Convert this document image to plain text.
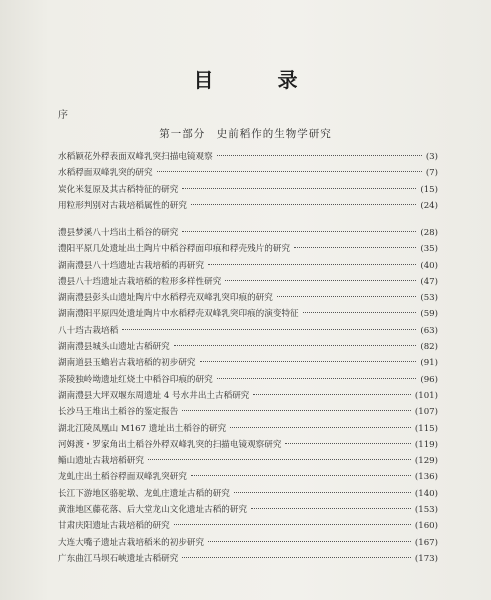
目　录
序
第一部分　史前稻作的生物学研究
水稻颖花外稃表面双峰乳突扫描电镜观察	(3)
水稻稃面双峰乳突的研究	(7)
炭化米复原及其古稻特征的研究	(15)
用粒形判别对古栽培稻属性的研究	(24)
澧县梦溪八十垱出土稻谷的研究	(28)
澧阳平原几处遗址出土陶片中稻谷稃面印痕和稃壳残片的研究	(35)
湖南澧县八十垱遗址古栽培稻的再研究	(40)
澧县八十垱遗址古栽培稻的粒形多样性研究	(47)
湖南澧县彭头山遗址陶片中水稻稃壳双峰乳突印痕的研究	(53)
湖南澧阳平原四处遗址陶片中水稻稃壳双峰乳突印痕的演变特征	(59)
八十垱古栽培稻	(63)
湖南澧县城头山遗址古稻研究	(82)
湖南道县玉蟾岩古栽培稻的初步研究	(91)
茶陵独岭坳遗址红烧土中稻谷印痕的研究	(96)
湖南澧县大坪双堰东周遗址 4 号水井出土古稻研究	(101)
长沙马王堆出土稻谷的鉴定报告	(107)
湖北江陵凤凰山 M167 遗址出土稻谷的研究	(115)
河姆渡・罗家角出土稻谷外稃双峰乳突的扫描电镜观察研究	(119)
鲻山遗址古栽培稻研究	(129)
龙虬庄出土稻谷稃面双峰乳突研究	(136)
长江下游地区骆驼墩、龙虬庄遗址古稻的研究	(140)
黄淮地区藤花落、后大堂龙山文化遗址古稻的研究	(153)
甘肃庆阳遗址古栽培稻的研究	(160)
大连大嘴子遗址古栽培稻米的初步研究	(167)
广东曲江马坝石峡遗址古稻研究	(173)
